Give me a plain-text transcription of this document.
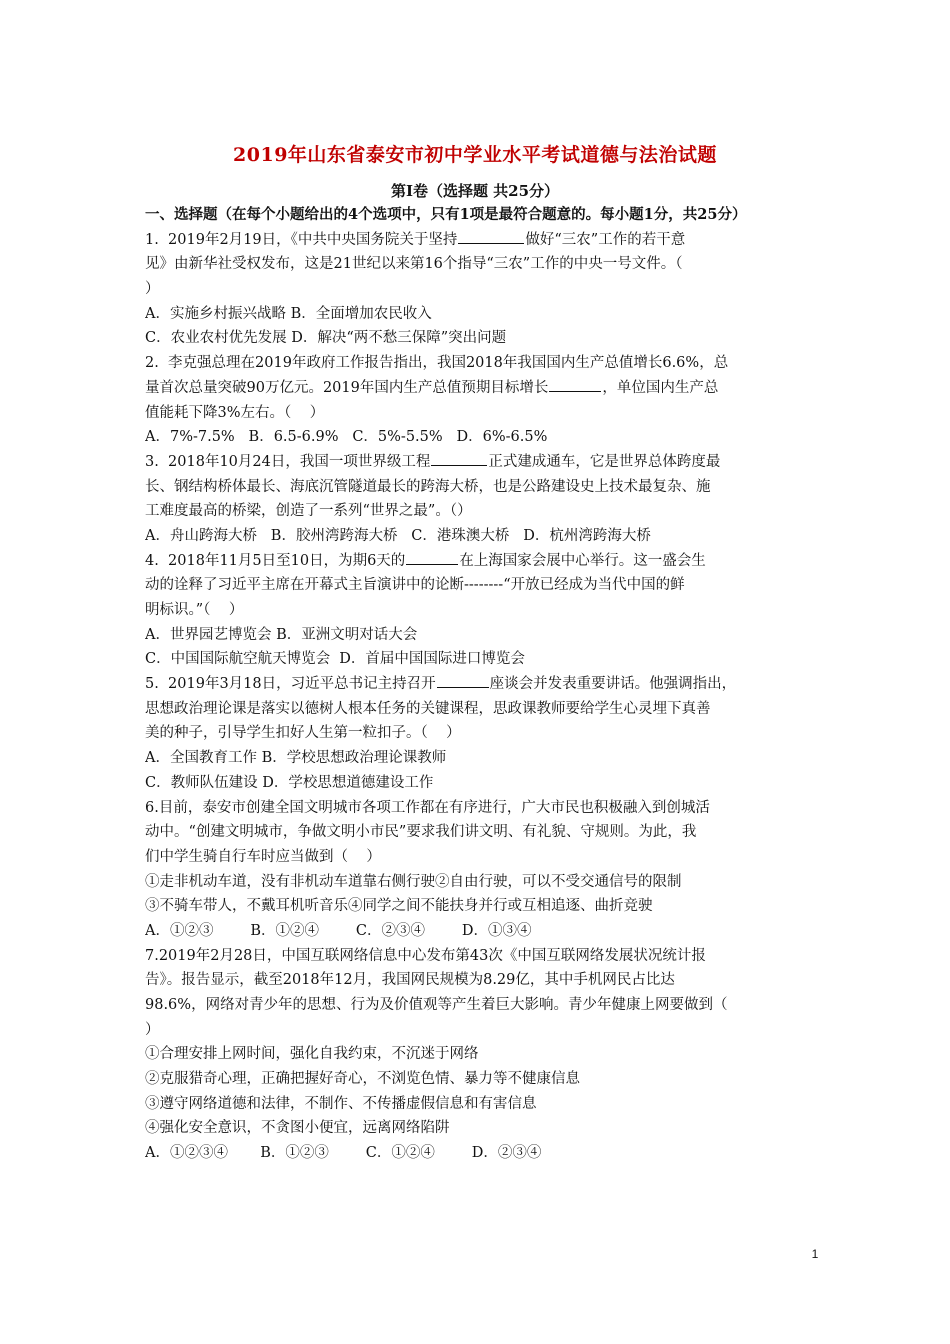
2019年山东省泰安市初中学业水平考试道德与法治试题
第Ⅰ卷（选择题 共25分）
一、选择题（在每个小题给出的4个选项中，只有1项是最符合题意的。每小题1分，共25分）
1.  2019年2月19日，《中共中央国务院关于坚持	做好“三农”工作的若干意
见》由新华社受权发布，这是21世纪以来第16个指导“三农”工作的中央一号文件。（
）
A．实施乡村振兴战略 B．全面增加农民收入
C．农业农村优先发展 D．解决“两不愁三保障”突出问题
2.  李克强总理在2019年政府工作报告指出，我国2018年我国国内生产总值增长6.6%，总
量首次总量突破90万亿元。2019年国内生产总值预期目标增长	，单位国内生产总
值能耗下降3%左右。（    ）
A．7%-7.5%   B．6.5-6.9%   C．5%-5.5%   D．6%-6.5%
3.  2018年10月24日，我国一项世界级工程	正式建成通车，它是世界总体跨度最
长、钢结构桥体最长、海底沉管隧道最长的跨海大桥，也是公路建设史上技术最复杂、施
工难度最高的桥梁，创造了一系列“世界之最”。（）
A．舟山跨海大桥   B．胶州湾跨海大桥   C．港珠澳大桥   D．杭州湾跨海大桥
4.  2018年11月5日至10日，为期6天的	在上海国家会展中心举行。这一盛会生
动的诠释了习近平主席在开幕式主旨演讲中的论断--------“开放已经成为当代中国的鲜
明标识。”（    ）
A．世界园艺博览会 B．亚洲文明对话大会
C．中国国际航空航天博览会  D．首届中国国际进口博览会
5.  2019年3月18日，习近平总书记主持召开	座谈会并发表重要讲话。他强调指出，
思想政治理论课是落实以德树人根本任务的关键课程，思政课教师要给学生心灵埋下真善
美的种子，引导学生扣好人生第一粒扣子。（    ）
A．全国教育工作 B．学校思想政治理论课教师
C．教师队伍建设 D．学校思想道德建设工作
6.目前，泰安市创建全国文明城市各项工作都在有序进行，广大市民也积极融入到创城活
动中。“创建文明城市，争做文明小市民”要求我们讲文明、有礼貌、守规则。为此，我
们中学生骑自行车时应当做到（    ）
①走非机动车道，没有非机动车道靠右侧行驶②自由行驶，可以不受交通信号的限制
③不骑车带人，不戴耳机听音乐④同学之间不能扶身并行或互相追逐、曲折竞驶
A．①②③        B．①②④        C．②③④        D．①③④
7.2019年2月28日，中国互联网络信息中心发布第43次《中国互联网络发展状况统计报
告》。报告显示，截至2018年12月，我国网民规模为8.29亿，其中手机网民占比达
98.6%，网络对青少年的思想、行为及价值观等产生着巨大影响。青少年健康上网要做到（
）
①合理安排上网时间，强化自我约束，不沉迷于网络
②克服猎奇心理，正确把握好奇心，不浏览色情、暴力等不健康信息
③遵守网络道德和法律，不制作、不传播虚假信息和有害信息
④强化安全意识，不贪图小便宜，远离网络陷阱
A．①②③④       B．①②③        C．①②④        D．②③④
1
